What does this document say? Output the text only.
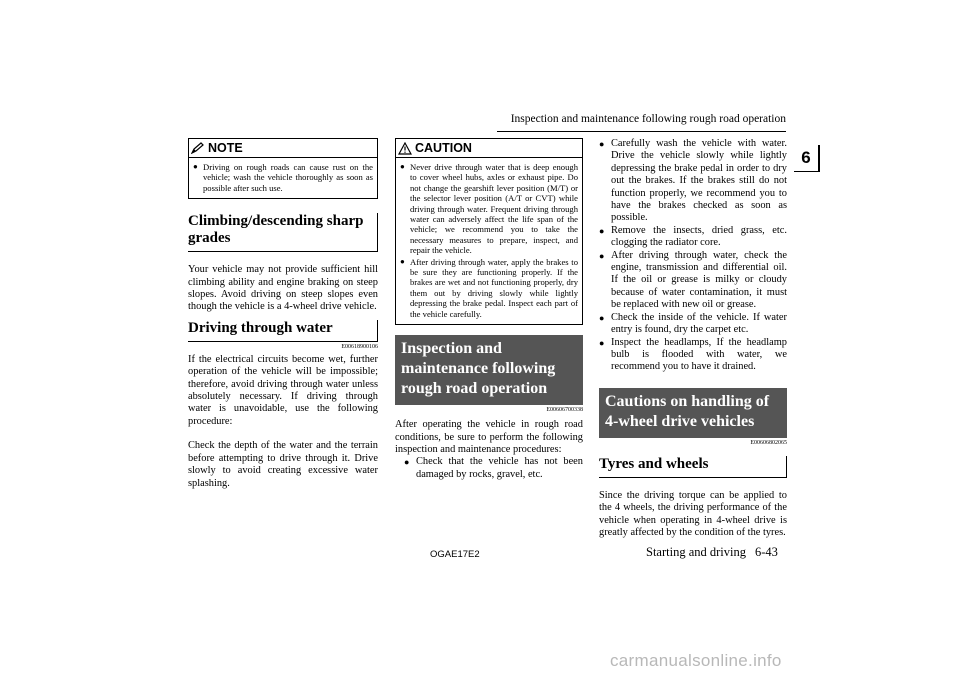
Inspection and maintenance following rough road operation
6
NOTE
● Driving on rough roads can cause rust on the vehicle; wash the vehicle thoroughly as soon as possible after such use.
Climbing/descending sharp grades
Your vehicle may not provide sufficient hill climbing ability and engine braking on steep slopes. Avoid driving on steep slopes even though the vehicle is a 4-wheel drive vehicle.
Driving through water
E00618900106
If the electrical circuits become wet, further operation of the vehicle will be impossible; therefore, avoid driving through water unless absolutely necessary. If driving through water is unavoidable, use the following procedure:
Check the depth of the water and the terrain before attempting to drive through it. Drive slowly to avoid creating excessive water splashing.
CAUTION
● Never drive through water that is deep enough to cover wheel hubs, axles or exhaust pipe. Do not change the gearshift lever position (M/T) or the selector lever position (A/T or CVT) while driving through water. Frequent driving through water can adversely affect the life span of the vehicle; we recommend you to take the necessary measures to prepare, inspect, and repair the vehicle.
● After driving through water, apply the brakes to be sure they are functioning properly. If the brakes are wet and not functioning properly, dry them out by driving slowly while lightly depressing the brake pedal. Inspect each part of the vehicle carefully.
Inspection and maintenance following rough road operation
E00606700338
After operating the vehicle in rough road conditions, be sure to perform the following inspection and maintenance procedures:
● Check that the vehicle has not been damaged by rocks, gravel, etc.
● Carefully wash the vehicle with water. Drive the vehicle slowly while lightly depressing the brake pedal in order to dry out the brakes. If the brakes still do not function properly, we recommend you to have the brakes checked as soon as possible.
● Remove the insects, dried grass, etc. clogging the radiator core.
● After driving through water, check the engine, transmission and differential oil. If the oil or grease is milky or cloudy because of water contamination, it must be replaced with new oil or grease.
● Check the inside of the vehicle. If water entry is found, dry the carpet etc.
● Inspect the headlamps, If the headlamp bulb is flooded with water, we recommend you to have it drained.
Cautions on handling of 4-wheel drive vehicles
E00606802065
Tyres and wheels
Since the driving torque can be applied to the 4 wheels, the driving performance of the vehicle when operating in 4-wheel drive is greatly affected by the condition of the tyres.
OGAE17E2	Starting and driving 6-43
carmanualsonline.info
